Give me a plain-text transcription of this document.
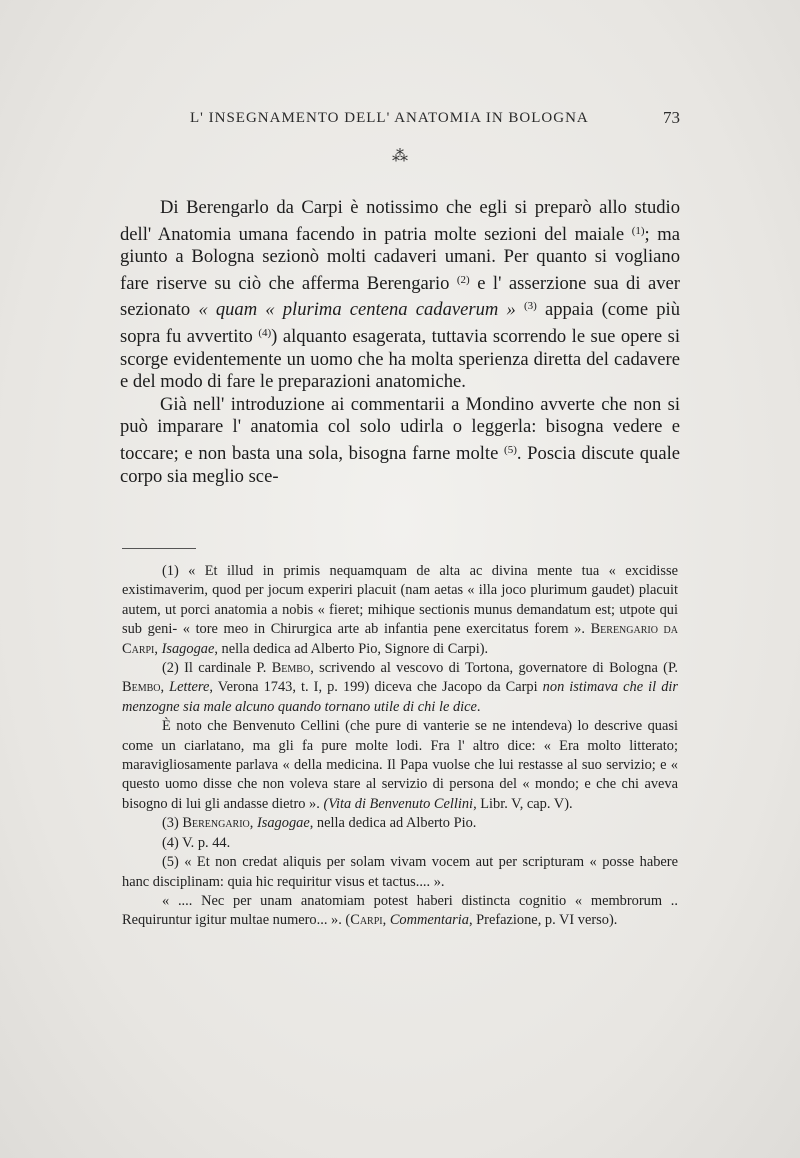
L' INSEGNAMENTO DELL' ANATOMIA IN BOLOGNA	73
⁂

Di Berengarlo da Carpi è notissimo che egli si preparò allo studio dell' Anatomia umana facendo in patria molte sezioni del maiale $^{(1)}$; ma giunto a Bologna sezionò molti cadaveri umani. Per quanto si vogliano fare riserve su ciò che afferma Berengario $^{(2)}$ e l' asserzione sua di aver sezionato « quam « plurima centena cadaverum » $^{(3)}$ appaia (come più sopra fu avvertito $^{(4)}$) alquanto esagerata, tuttavia scorrendo le sue opere si scorge evidentemente un uomo che ha molta sperienza diretta del cadavere e del modo di fare le preparazioni anatomiche.

Già nell' introduzione ai commentarii a Mondino avverte che non si può imparare l' anatomia col solo udirla o leggerla: bisogna vedere e toccare; e non basta una sola, bisogna farne molte $^{(5)}$. Poscia discute quale corpo sia meglio sce-

(1) « Et illud in primis nequamquam de alta ac divina mente tua « excidisse existimaverim, quod per jocum experiri placuit (nam aetas « illa joco plurimum gaudet) placuit autem, ut porci anatomia a nobis « fieret; mihique sectionis munus demandatum est; utpote qui sub geni- « tore meo in Chirurgica arte ab infantia pene exercitatus forem ». Berengario da Carpi, Isagogae, nella dedica ad Alberto Pio, Signore di Carpi).

(2) Il cardinale P. Bembo, scrivendo al vescovo di Tortona, governatore di Bologna (P. Bembo, Lettere, Verona 1743, t. I, p. 199) diceva che Jacopo da Carpi non istimava che il dir menzogne sia male alcuno quando tornano utile di chi le dice.

È noto che Benvenuto Cellini (che pure di vanterie se ne intendeva) lo descrive quasi come un ciarlatano, ma gli fa pure molte lodi. Fra l' altro dice: « Era molto litterato; maravigliosamente parlava « della medicina. Il Papa vuolse che lui restasse al suo servizio; e « questo uomo disse che non voleva stare al servizio di persona del « mondo; e che chi aveva bisogno di lui gli andasse dietro ». (Vita di Benvenuto Cellini, Libr. V, cap. V).

(3) Berengario, Isagogae, nella dedica ad Alberto Pio.

(4) V. p. 44.

(5) « Et non credat aliquis per solam vivam vocem aut per scripturam « posse habere hanc disciplinam: quia hic requiritur visus et tactus.... ».

« .... Nec per unam anatomiam potest haberi distincta cognitio « membrorum .. Requiruntur igitur multae numero... ». (Carpi, Commentaria, Prefazione, p. VI verso).
